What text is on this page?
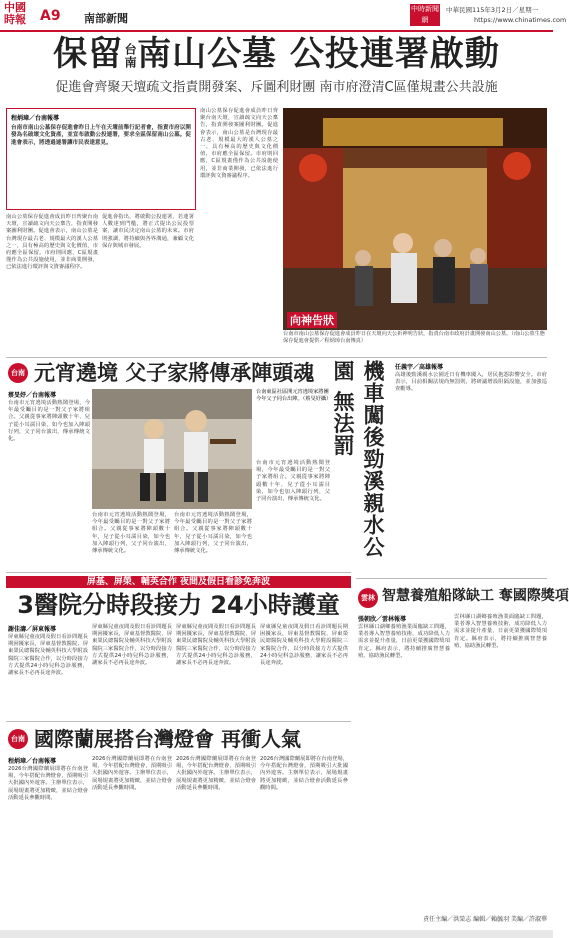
中國時報	A9 南部新聞
中時新聞網
中華民國115年3月2日／星期一
https://www.chinatimes.com
保留台南南山公墓 公投連署啟動
促進會齊聚天壇疏文指責開發案、斥圖利財團 南市府澄清C區僅規畫公共設施
程炳璋／台南報導
台南市南山公墓保存促進會昨日上午在天壇前舉行記者會，指責市府以開發為名破壞文化資產，並宣布啟動公投連署，要求全區保留南山公墓。促進會表示，將透過連署讓市民表達意見。
南山公墓保存促進會成員昨日齊聚台南天壇，宣讀疏文向天公稟告，指責開發案圖利財團。促進會表示，南山公墓是台灣現存最古老、規模最大的漢人公墓之一，具有極高的歷史與文化價值，市府應全區保留。市府則回應，C區規畫僅作為公共設施使用，並非商業開發，已依法進行環評與文資審議程序。
促進會指出，將啟動公投連署，若連署人數達到門檻，將正式提出公民投票案，讓市民決定南山公墓的未來。市府則強調，將持續與各界溝通，兼顧文化保存與城市發展。
南山公墓保存促進會成員昨日齊聚台南天壇，宣讀疏文向天公稟告，指責開發案圖利財團。促進會表示，南山公墓是台灣現存最古老、規模最大的漢人公墓之一，具有極高的歷史與文化價值，市府應全區保留。市府則回應，C區規畫僅作為公共設施使用，並非商業開發，已依法進行環評與文資審議程序。
向神告狀
台南市南山公墓保存促進會成員昨日在天壇向天公祈神明告狀，指責台南市政府計畫開發南山公墓。（南山公墓生態保存促進會提供／程炳璋台南傳真）
台南 元宵遶境 父子家將傳承陣頭魂
蔡旻妤／台南報導
台南市元宵遶境活動熱鬧登場，今年最受矚目的是一對父子家將組合。父親從事家將陣頭數十年，兒子從小耳濡目染，如今也加入陣頭行列，父子同台演出，傳承傳統文化。
台南東區社區開元宵遶境家將團今年父子同台出陣。（蔡旻妤攝）
台南市元宵遶境活動熱鬧登場，今年最受矚目的是一對父子家將組合。父親從事家將陣頭數十年，兒子從小耳濡目染，如今也加入陣頭行列，父子同台演出，傳承傳統文化。
台南市元宵遶境活動熱鬧登場，今年最受矚目的是一對父子家將組合。父親從事家將陣頭數十年，兒子從小耳濡目染，如今也加入陣頭行列，父子同台演出，傳承傳統文化。
台南市元宵遶境活動熱鬧登場，今年最受矚目的是一對父子家將組合。父親從事家將陣頭數十年，兒子從小耳濡目染，如今也加入陣頭行列，父子同台演出，傳承傳統文化。
任義宇／高雄報導
機車闖後勁溪親水公園 無法罰	高雄後勁溪親水公園近日有機車闖入，居民抱怨影響安全。市府表示，目前相關法規尚無罰則，將研議增設阻隔設施，並加強巡查勸導。
屏基、屏榮、輔英合作 夜間及假日看診免奔波
3醫院分時段接力 24小時護童
謝佳濤／屏東報導
屏東縣兒童夜間及假日看診問題長期困擾家長，屏東基督教醫院、屏東榮民總醫院及輔英科技大學附設醫院三家醫院合作，以分時段接力方式提供24小時兒科急診服務，讓家長不必再長途奔波。
屏東縣兒童夜間及假日看診問題長期困擾家長，屏東基督教醫院、屏東榮民總醫院及輔英科技大學附設醫院三家醫院合作，以分時段接力方式提供24小時兒科急診服務，讓家長不必再長途奔波。
屏東縣兒童夜間及假日看診問題長期困擾家長，屏東基督教醫院、屏東榮民總醫院及輔英科技大學附設醫院三家醫院合作，以分時段接力方式提供24小時兒科急診服務，讓家長不必再長途奔波。
屏東縣兒童夜間及假日看診問題長期困擾家長，屏東基督教醫院、屏東榮民總醫院及輔英科技大學附設醫院三家醫院合作，以分時段接力方式提供24小時兒科急診服務，讓家長不必再長途奔波。
雲林 智慧養殖船隊缺工 奪國際獎項
張朝欣／雲林報導
雲林縣口湖鄉養殖漁業面臨缺工問題，業者導入智慧養殖技術，成功降低人力需求並提升產量，日前更榮獲國際獎項肯定。縣府表示，將持續推廣智慧養殖，協助漁民轉型。
雲林縣口湖鄉養殖漁業面臨缺工問題，業者導入智慧養殖技術，成功降低人力需求並提升產量，日前更榮獲國際獎項肯定。縣府表示，將持續推廣智慧養殖，協助漁民轉型。
台南 國際蘭展搭台灣燈會 再衝人氣
程炳璋／台南報導
2026台灣國際蘭展即將在台南登場，今年搭配台灣燈會，預期吸引大批國內外遊客。主辦單位表示，展場規畫將更加精緻，並結合燈會活動延長參觀時間。
2026台灣國際蘭展即將在台南登場，今年搭配台灣燈會，預期吸引大批國內外遊客。主辦單位表示，展場規畫將更加精緻，並結合燈會活動延長參觀時間。
2026台灣國際蘭展即將在台南登場，今年搭配台灣燈會，預期吸引大批國內外遊客。主辦單位表示，展場規畫將更加精緻，並結合燈會活動延長參觀時間。
2026台灣國際蘭展即將在台南登場，今年搭配台灣燈會，預期吸引大批國內外遊客。主辦單位表示，展場規畫將更加精緻，並結合燈會活動延長參觀時間。
責任主編／洪榮志 編輯／賴毓羽 美編／許淑華
